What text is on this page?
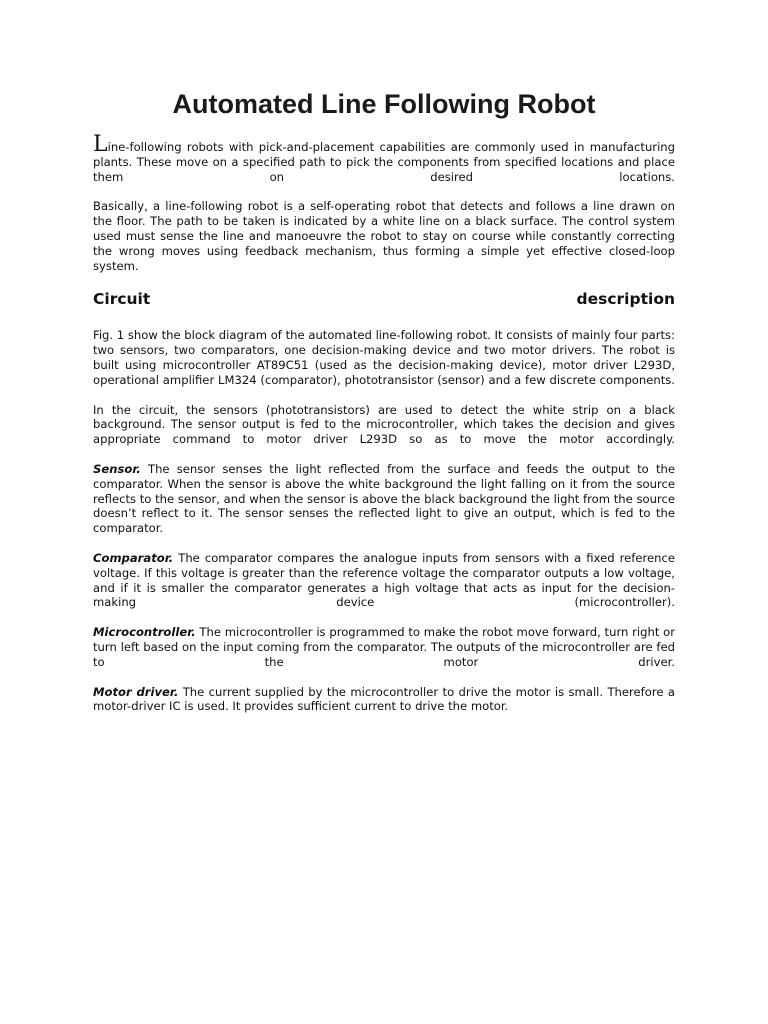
Automated Line Following Robot

Line-following robots with pick-and-placement capabilities are commonly used in manufacturing plants. These move on a specified path to pick the components from specified locations and place them on desired locations.

Basically, a line-following robot is a self-operating robot that detects and follows a line drawn on the floor. The path to be taken is indicated by a white line on a black surface. The control system used must sense the line and manoeuvre the robot to stay on course while constantly correcting the wrong moves using feedback mechanism, thus forming a simple yet effective closed-loop system.

Circuit description

Fig. 1 show the block diagram of the automated line-following robot. It consists of mainly four parts: two sensors, two comparators, one decision-making device and two motor drivers. The robot is built using microcontroller AT89C51 (used as the decision-making device), motor driver L293D, operational amplifier LM324 (comparator), phototransistor (sensor) and a few discrete components.

In the circuit, the sensors (phototransistors) are used to detect the white strip on a black background. The sensor output is fed to the microcontroller, which takes the decision and gives appropriate command to motor driver L293D so as to move the motor accordingly.

Sensor. The sensor senses the light reflected from the surface and feeds the output to the comparator. When the sensor is above the white background the light falling on it from the source reflects to the sensor, and when the sensor is above the black background the light from the source doesn’t reflect to it. The sensor senses the reflected light to give an output, which is fed to the comparator.

Comparator. The comparator compares the analogue inputs from sensors with a fixed reference voltage. If this voltage is greater than the reference voltage the comparator outputs a low voltage, and if it is smaller the comparator generates a high voltage that acts as input for the decision-making device (microcontroller).

Microcontroller. The microcontroller is programmed to make the robot move forward, turn right or turn left based on the input coming from the comparator. The outputs of the microcontroller are fed to the motor driver.

Motor driver. The current supplied by the microcontroller to drive the motor is small. Therefore a motor-driver IC is used. It provides sufficient current to drive the motor.
